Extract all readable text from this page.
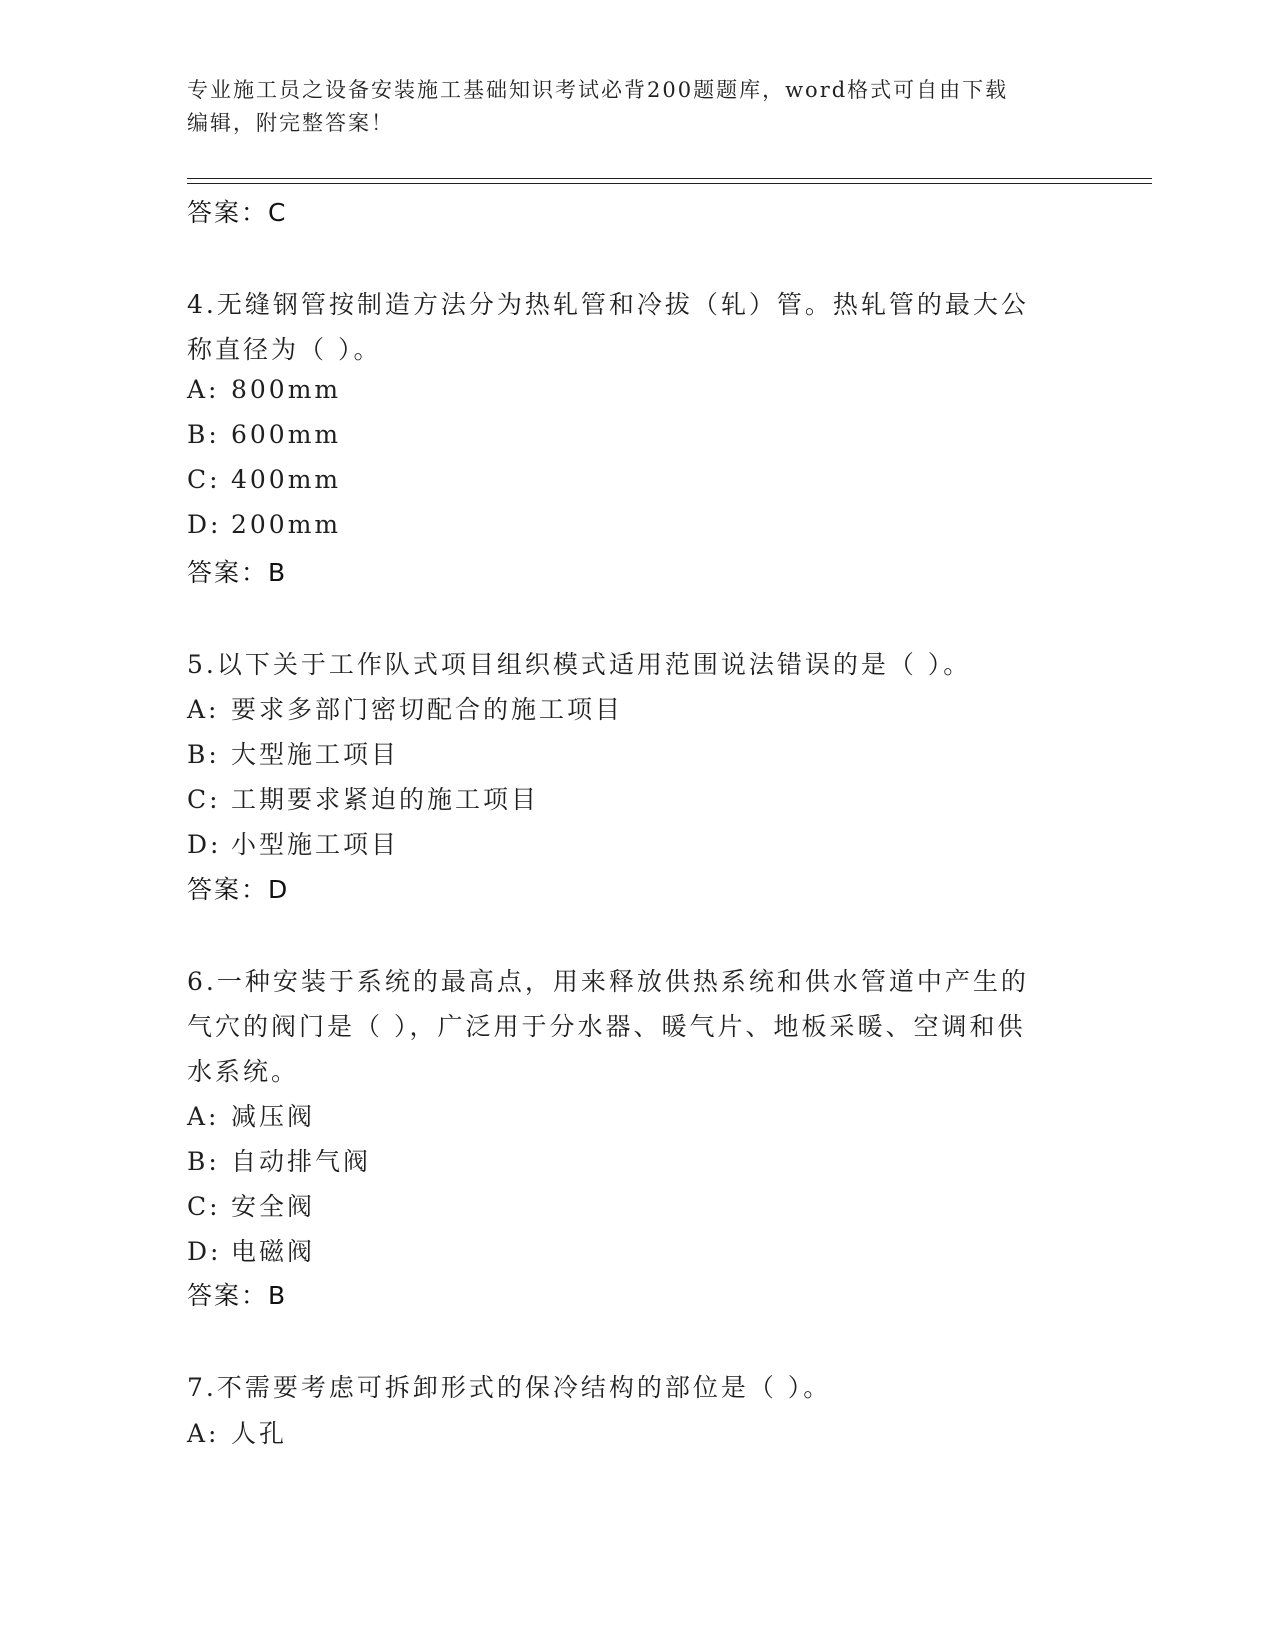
专业施工员之设备安装施工基础知识考试必背200题题库，word格式可自由下载
编辑，附完整答案！
答案：C
4.无缝钢管按制造方法分为热轧管和冷拔（轧）管。热轧管的最大公
称直径为（ ）。
A: 800mm
B: 600mm
C: 400mm
D: 200mm
答案：B
5.以下关于工作队式项目组织模式适用范围说法错误的是（ ）。
A: 要求多部门密切配合的施工项目
B: 大型施工项目
C: 工期要求紧迫的施工项目
D: 小型施工项目
答案：D
6.一种安装于系统的最高点，用来释放供热系统和供水管道中产生的
气穴的阀门是（ ），广泛用于分水器、暖气片、地板采暖、空调和供
水系统。
A: 减压阀
B: 自动排气阀
C: 安全阀
D: 电磁阀
答案：B
7.不需要考虑可拆卸形式的保冷结构的部位是（ ）。
A: 人孔
